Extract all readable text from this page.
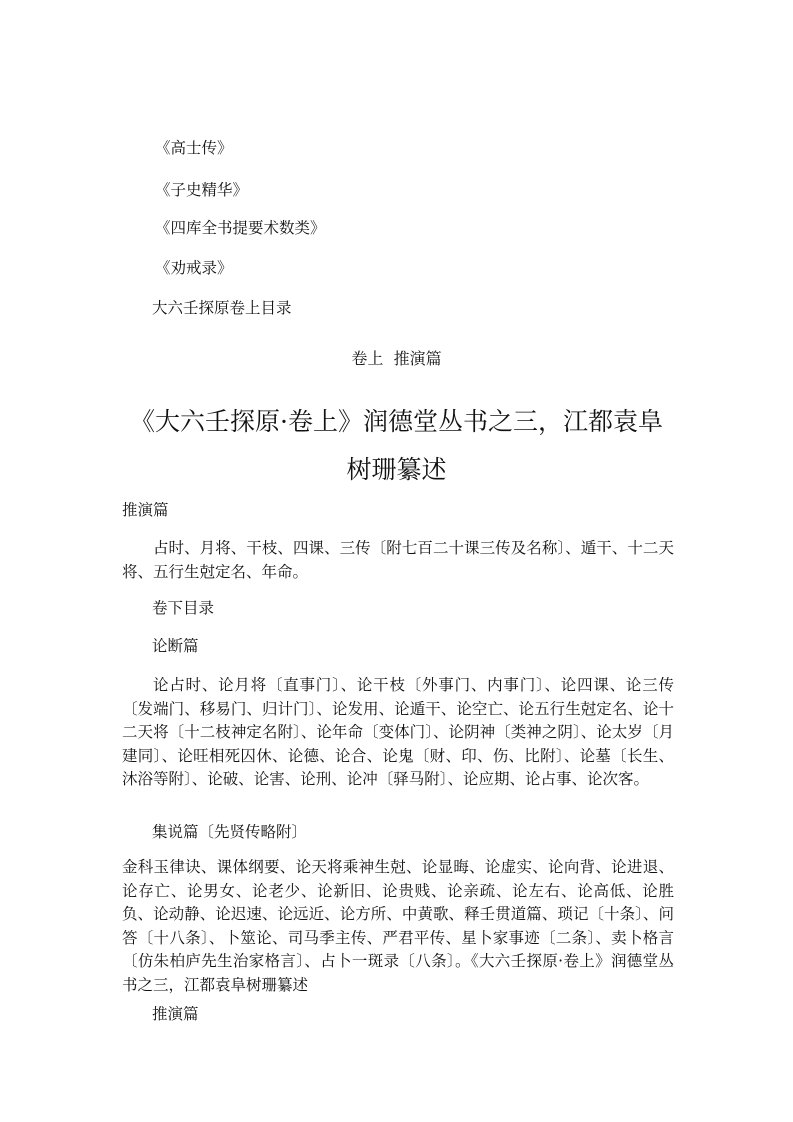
《高士传》
《子史精华》
《四库全书提要术数类》
《劝戒录》
大六壬探原卷上目录
卷上  推演篇
《大六壬探原·卷上》润德堂丛书之三，江都袁阜
树珊纂述
推演篇
占时、月将、干枝、四课、三传〔附七百二十课三传及名称〕、遁干、十二天将、五行生尅定名、年命。
卷下目录
论断篇
论占时、论月将〔直事门〕、论干枝〔外事门、内事门〕、论四课、论三传〔发端门、移易门、归计门〕、论发用、论遁干、论空亡、论五行生尅定名、论十二天将〔十二枝神定名附〕、论年命〔变体门〕、论阴神〔类神之阴〕、论太岁〔月建同〕、论旺相死囚休、论德、论合、论鬼〔财、印、伤、比附〕、论墓〔长生、沐浴等附〕、论破、论害、论刑、论冲〔驿马附〕、论应期、论占事、论次客。
集说篇〔先贤传略附〕
金科玉律诀、课体纲要、论天将乘神生尅、论显晦、论虚实、论向背、论进退、论存亡、论男女、论老少、论新旧、论贵贱、论亲疏、论左右、论高低、论胜负、论动静、论迟速、论远近、论方所、中黄歌、释壬贯道篇、琐记〔十条〕、问答〔十八条〕、卜筮论、司马季主传、严君平传、星卜家事迹〔二条〕、卖卜格言〔仿朱柏庐先生治家格言〕、占卜一斑录〔八条〕。《大六壬探原·卷上》润德堂丛书之三，江都袁阜树珊纂述
推演篇
